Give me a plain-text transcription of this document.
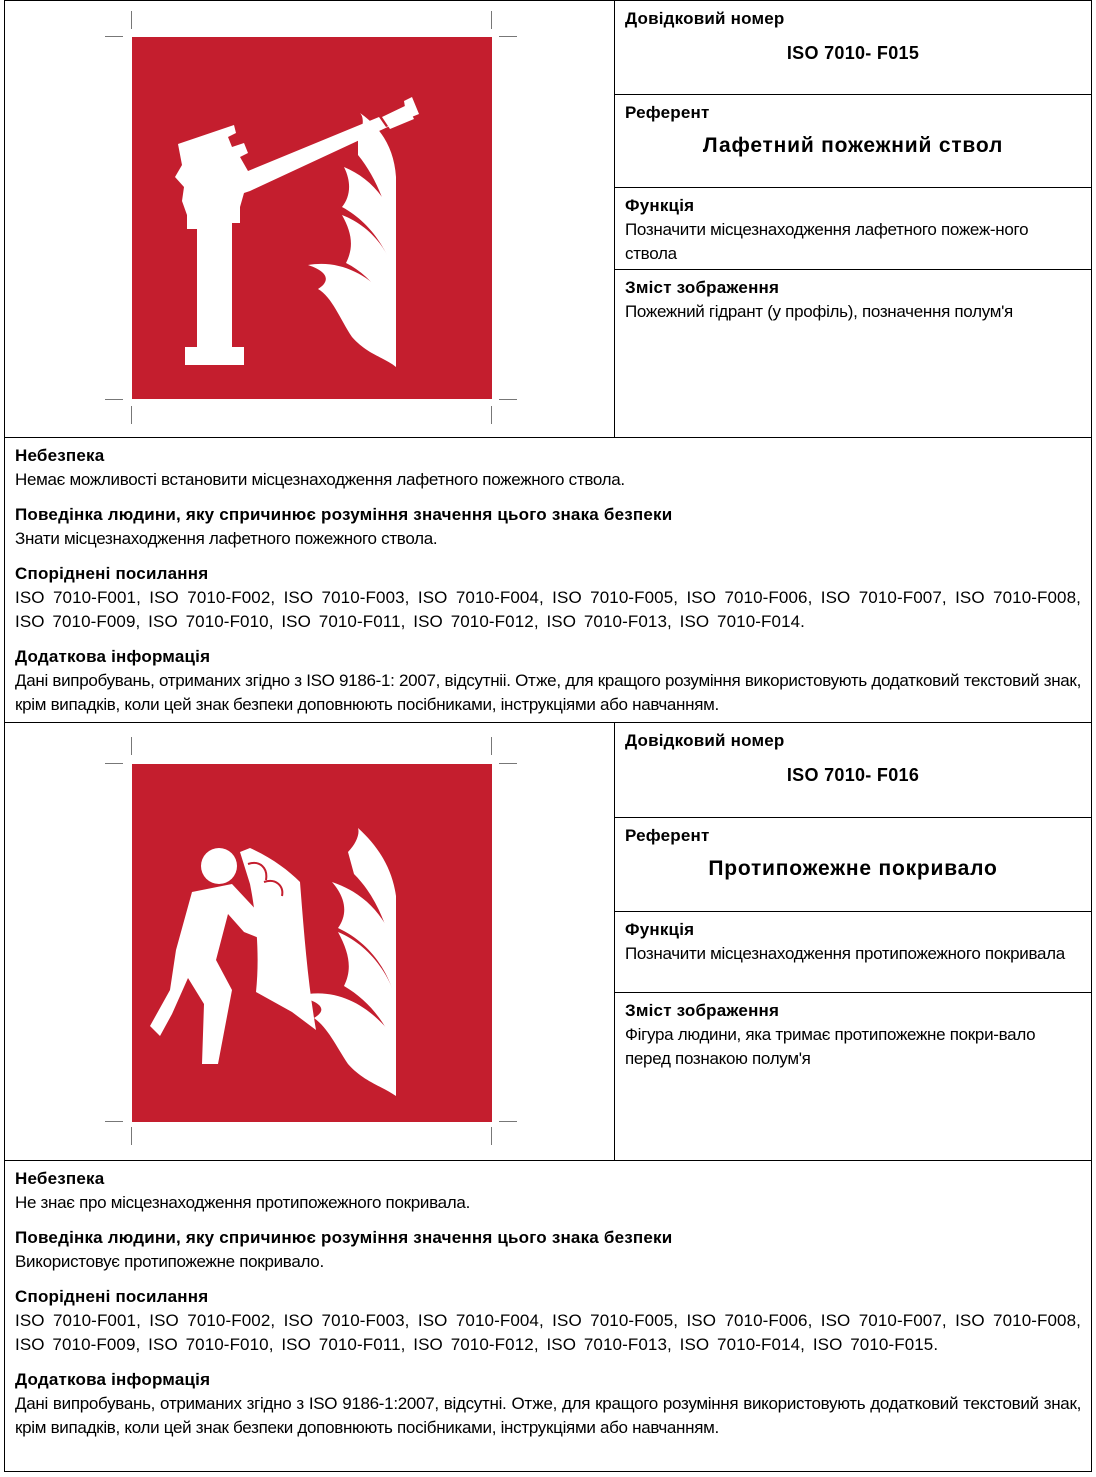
Довідковий номер
ISO 7010- F015
Референт
Лафетний пожежний ствол
Функція
Позначити місцезнаходження лафетного пожеж-ного ствола
Зміст зображення
Пожежний гідрант (у профіль), позначення полум'я
Небезпека
Немає можливості встановити місцезнаходження лафетного пожежного ствола.
Поведінка людини, яку спричинює розуміння значення цього знака безпеки
Знати місцезнаходження лафетного пожежного ствола.
Споріднені посилання
ISO 7010-F001, ISO 7010-F002, ISO 7010-F003, ISO 7010-F004, ISO 7010-F005, ISO 7010-F006, ISO 7010-F007, ISO 7010-F008, ISO 7010-F009, ISO 7010-F010, ISO 7010-F011, ISO 7010-F012, ISO 7010-F013, ISO 7010-F014.
Додаткова інформація
Дані випробувань, отриманих згідно з ISO 9186-1: 2007, відсутніі. Отже, для кращого розуміння використовують додатковий текстовий знак, крім випадків, коли цей знак безпеки доповнюють посібниками, інструкціями або навчанням.
Довідковий номер
ISO 7010- F016
Референт
Протипожежне покривало
Функція
Позначити місцезнаходження протипожежного покривала
Зміст зображення
Фігура людини, яка тримає протипожежне покри-вало перед познакою полум'я
Небезпека
Не знає про місцезнаходження протипожежного покривала.
Поведінка людини, яку спричинює розуміння значення цього знака безпеки
Використовує протипожежне покривало.
Споріднені посилання
ISO 7010-F001, ISO 7010-F002, ISO 7010-F003, ISO 7010-F004, ISO 7010-F005, ISO 7010-F006, ISO 7010-F007, ISO 7010-F008, ISO 7010-F009, ISO 7010-F010, ISO 7010-F011, ISO 7010-F012, ISO 7010-F013, ISO 7010-F014, ISO 7010-F015.
Додаткова інформація
Дані випробувань, отриманих згідно з ISO 9186-1:2007, відсутні. Отже, для кращого розуміння використовують додатковий текстовий знак, крім випадків, коли цей знак безпеки доповнюють посібниками, інструкціями або навчанням.
